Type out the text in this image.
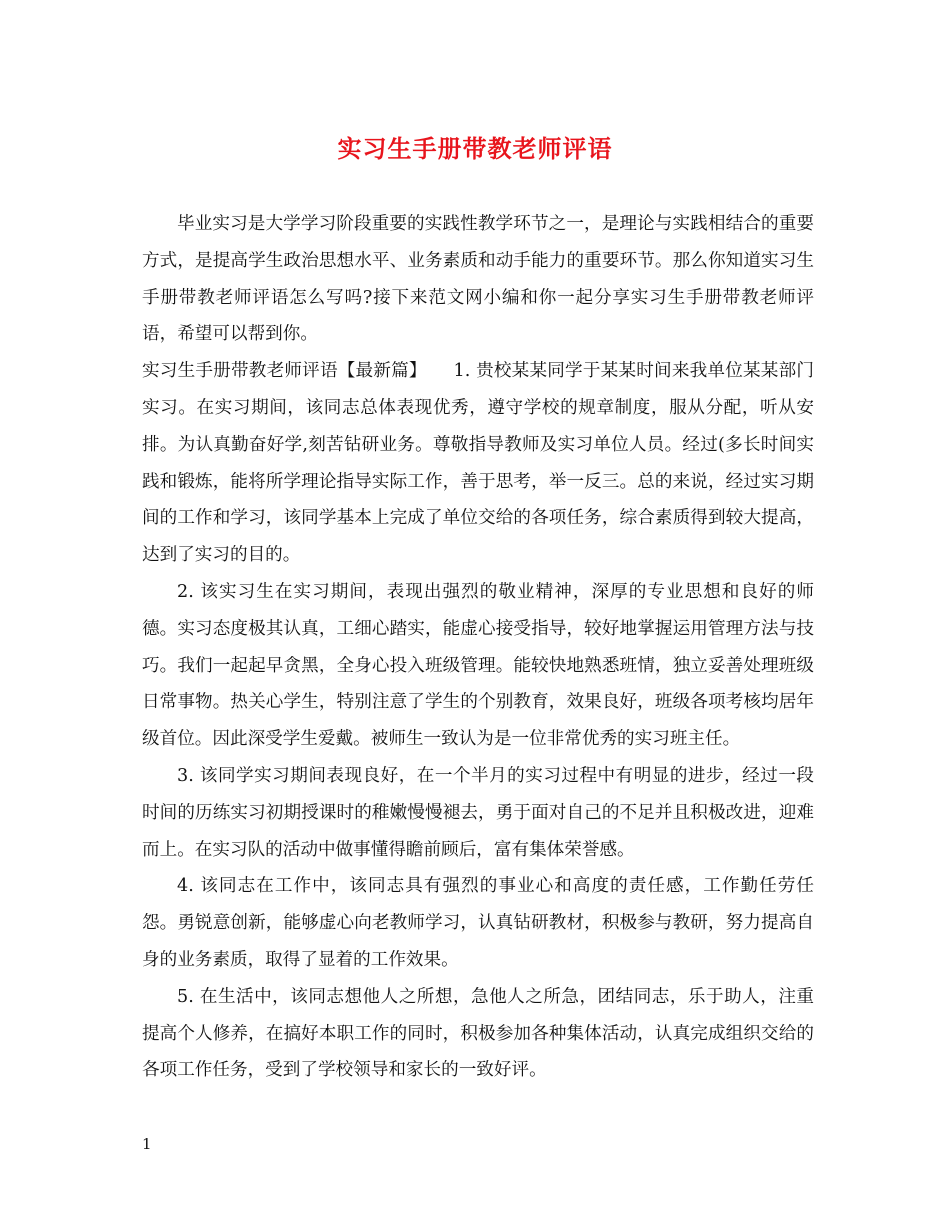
实习生手册带教老师评语

毕业实习是大学学习阶段重要的实践性教学环节之一，是理论与实践相结合的重要方式，是提高学生政治思想水平、业务素质和动手能力的重要环节。那么你知道实习生手册带教老师评语怎么写吗?接下来范文网小编和你一起分享实习生手册带教老师评语，希望可以帮到你。

实习生手册带教老师评语【最新篇】　　1. 贵校某某同学于某某时间来我单位某某部门实习。在实习期间，该同志总体表现优秀，遵守学校的规章制度，服从分配，听从安排。为认真勤奋好学,刻苦钻研业务。尊敬指导教师及实习单位人员。经过(多长时间实践和锻炼，能将所学理论指导实际工作，善于思考，举一反三。总的来说，经过实习期间的工作和学习，该同学基本上完成了单位交给的各项任务，综合素质得到较大提高，达到了实习的目的。

2. 该实习生在实习期间，表现出强烈的敬业精神，深厚的专业思想和良好的师德。实习态度极其认真，工细心踏实，能虚心接受指导，较好地掌握运用管理方法与技巧。我们一起起早贪黑，全身心投入班级管理。能较快地熟悉班情，独立妥善处理班级日常事物。热关心学生，特别注意了学生的个别教育，效果良好，班级各项考核均居年级首位。因此深受学生爱戴。被师生一致认为是一位非常优秀的实习班主任。

3. 该同学实习期间表现良好，在一个半月的实习过程中有明显的进步，经过一段时间的历练实习初期授课时的稚嫩慢慢褪去，勇于面对自己的不足并且积极改进，迎难而上。在实习队的活动中做事懂得瞻前顾后，富有集体荣誉感。

4. 该同志在工作中，该同志具有强烈的事业心和高度的责任感，工作勤任劳任怨。勇锐意创新，能够虚心向老教师学习，认真钻研教材，积极参与教研，努力提高自身的业务素质，取得了显着的工作效果。

5. 在生活中，该同志想他人之所想，急他人之所急，团结同志，乐于助人，注重提高个人修养，在搞好本职工作的同时，积极参加各种集体活动，认真完成组织交给的各项工作任务，受到了学校领导和家长的一致好评。

1
